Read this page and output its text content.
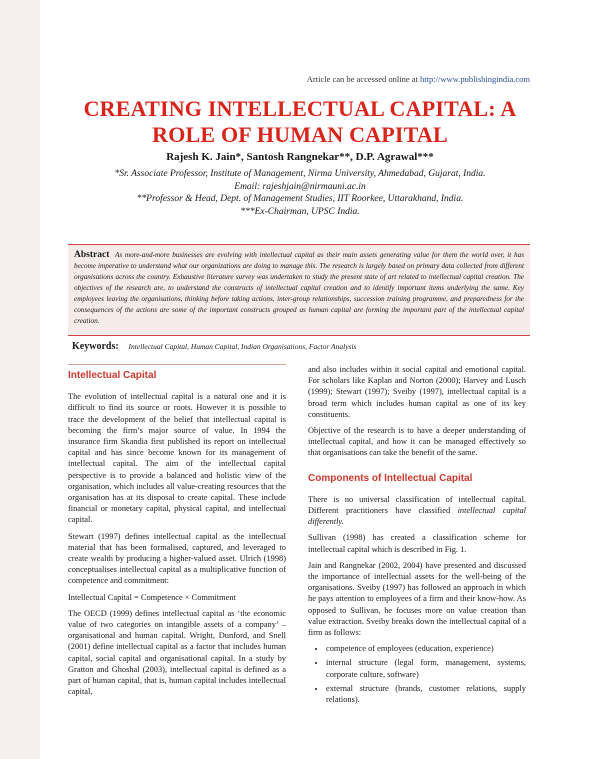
Article can be accessed online at http://www.publishingindia.com
CREATING INTELLECTUAL CAPITAL: A ROLE OF HUMAN CAPITAL
Rajesh K. Jain*, Santosh Rangnekar**, D.P. Agrawal***
*Sr. Associate Professor, Institute of Management, Nirma University, Ahmedabad, Gujarat, India.
Email: rajeshjain@nirmauni.ac.in
**Professor & Head, Dept. of Management Studies, IIT Roorkee, Uttarakhand, India.
***Ex-Chairman, UPSC India.
Abstract As more-and-more businesses are evolving with intellectual capital as their main assets generating value for them the world over, it has become imperative to understand what our organizations are doing to manage this. The research is largely based on primary data collected from different organisations across the country. Exhaustive literature survey was undertaken to study the present state of art related to intellectual capital creation. The objectives of the research are, to understand the constructs of intellectual capital creation and to identify important items underlying the same. Key employees leaving the organisations, thinking before taking actions, inter-group relationships, succession training programme, and preparedness for the consequences of the actions are some of the important constructs grouped as human capital are forming the important part of the intellectual capital creation.
Keywords: Intellectual Capital, Human Capital, Indian Organisations, Factor Analysis
Intellectual Capital

The evolution of intellectual capital is a natural one and it is difficult to find its source or roots. However it is possible to trace the development of the belief that intellectual capital is becoming the firm’s major source of value. In 1994 the insurance firm Skandia first published its report on intellectual capital and has since become known for its management of intellectual capital. The aim of the intellectual capital perspective is to provide a balanced and holistic view of the organisation, which includes all value-creating resources that the organisation has at its disposal to create capital. These include financial or monetary capital, physical capital, and intellectual capital.

Stewart (1997) defines intellectual capital as the intellectual material that has been formalised, captured, and leveraged to create wealth by producing a higher-valued asset. Ulrich (1998) conceptualises intellectual capital as a multiplicative function of competence and commitment:

Intellectual Capital = Competence × Commitment

The OECD (1999) defines intellectual capital as ‘the economic value of two categories on intangible assets of a company’ – organisational and human capital. Wright, Dunford, and Snell (2001) define intellectual capital as a factor that includes human capital, social capital and organisational capital. In a study by Gratton and Ghoshal (2003), intellectual capital is defined as a part of human capital, that is, human capital includes intellectual capital,

and also includes within it social capital and emotional capital. For scholars like Kaplan and Norton (2000); Harvey and Lusch (1999); Stewart (1997); Sveiby (1997), intellectual capital is a broad term which includes human capital as one of its key constituents.

Objective of the research is to have a deeper understanding of intellectual capital, and how it can be managed effectively so that organisations can take the benefit of the same.

Components of Intellectual Capital

There is no universal classification of intellectual capital. Different practitioners have classified intellectual capital differently.

Sullivan (1998) has created a classification scheme for intellectual capital which is described in Fig. 1.

Jain and Rangnekar (2002, 2004) have presented and discussed the importance of intellectual assets for the well-being of the organisations. Sveiby (1997) has followed an approach in which he pays attention to employees of a firm and their know-how. As opposed to Sullivan, he focuses more on value creation than value extraction. Sveiby breaks down the intellectual capital of a firm as follows:

• competence of employees (education, experience)
• internal structure (legal form, management, systems, corporate culture, software)
• external structure (brands, customer relations, supply relations).
